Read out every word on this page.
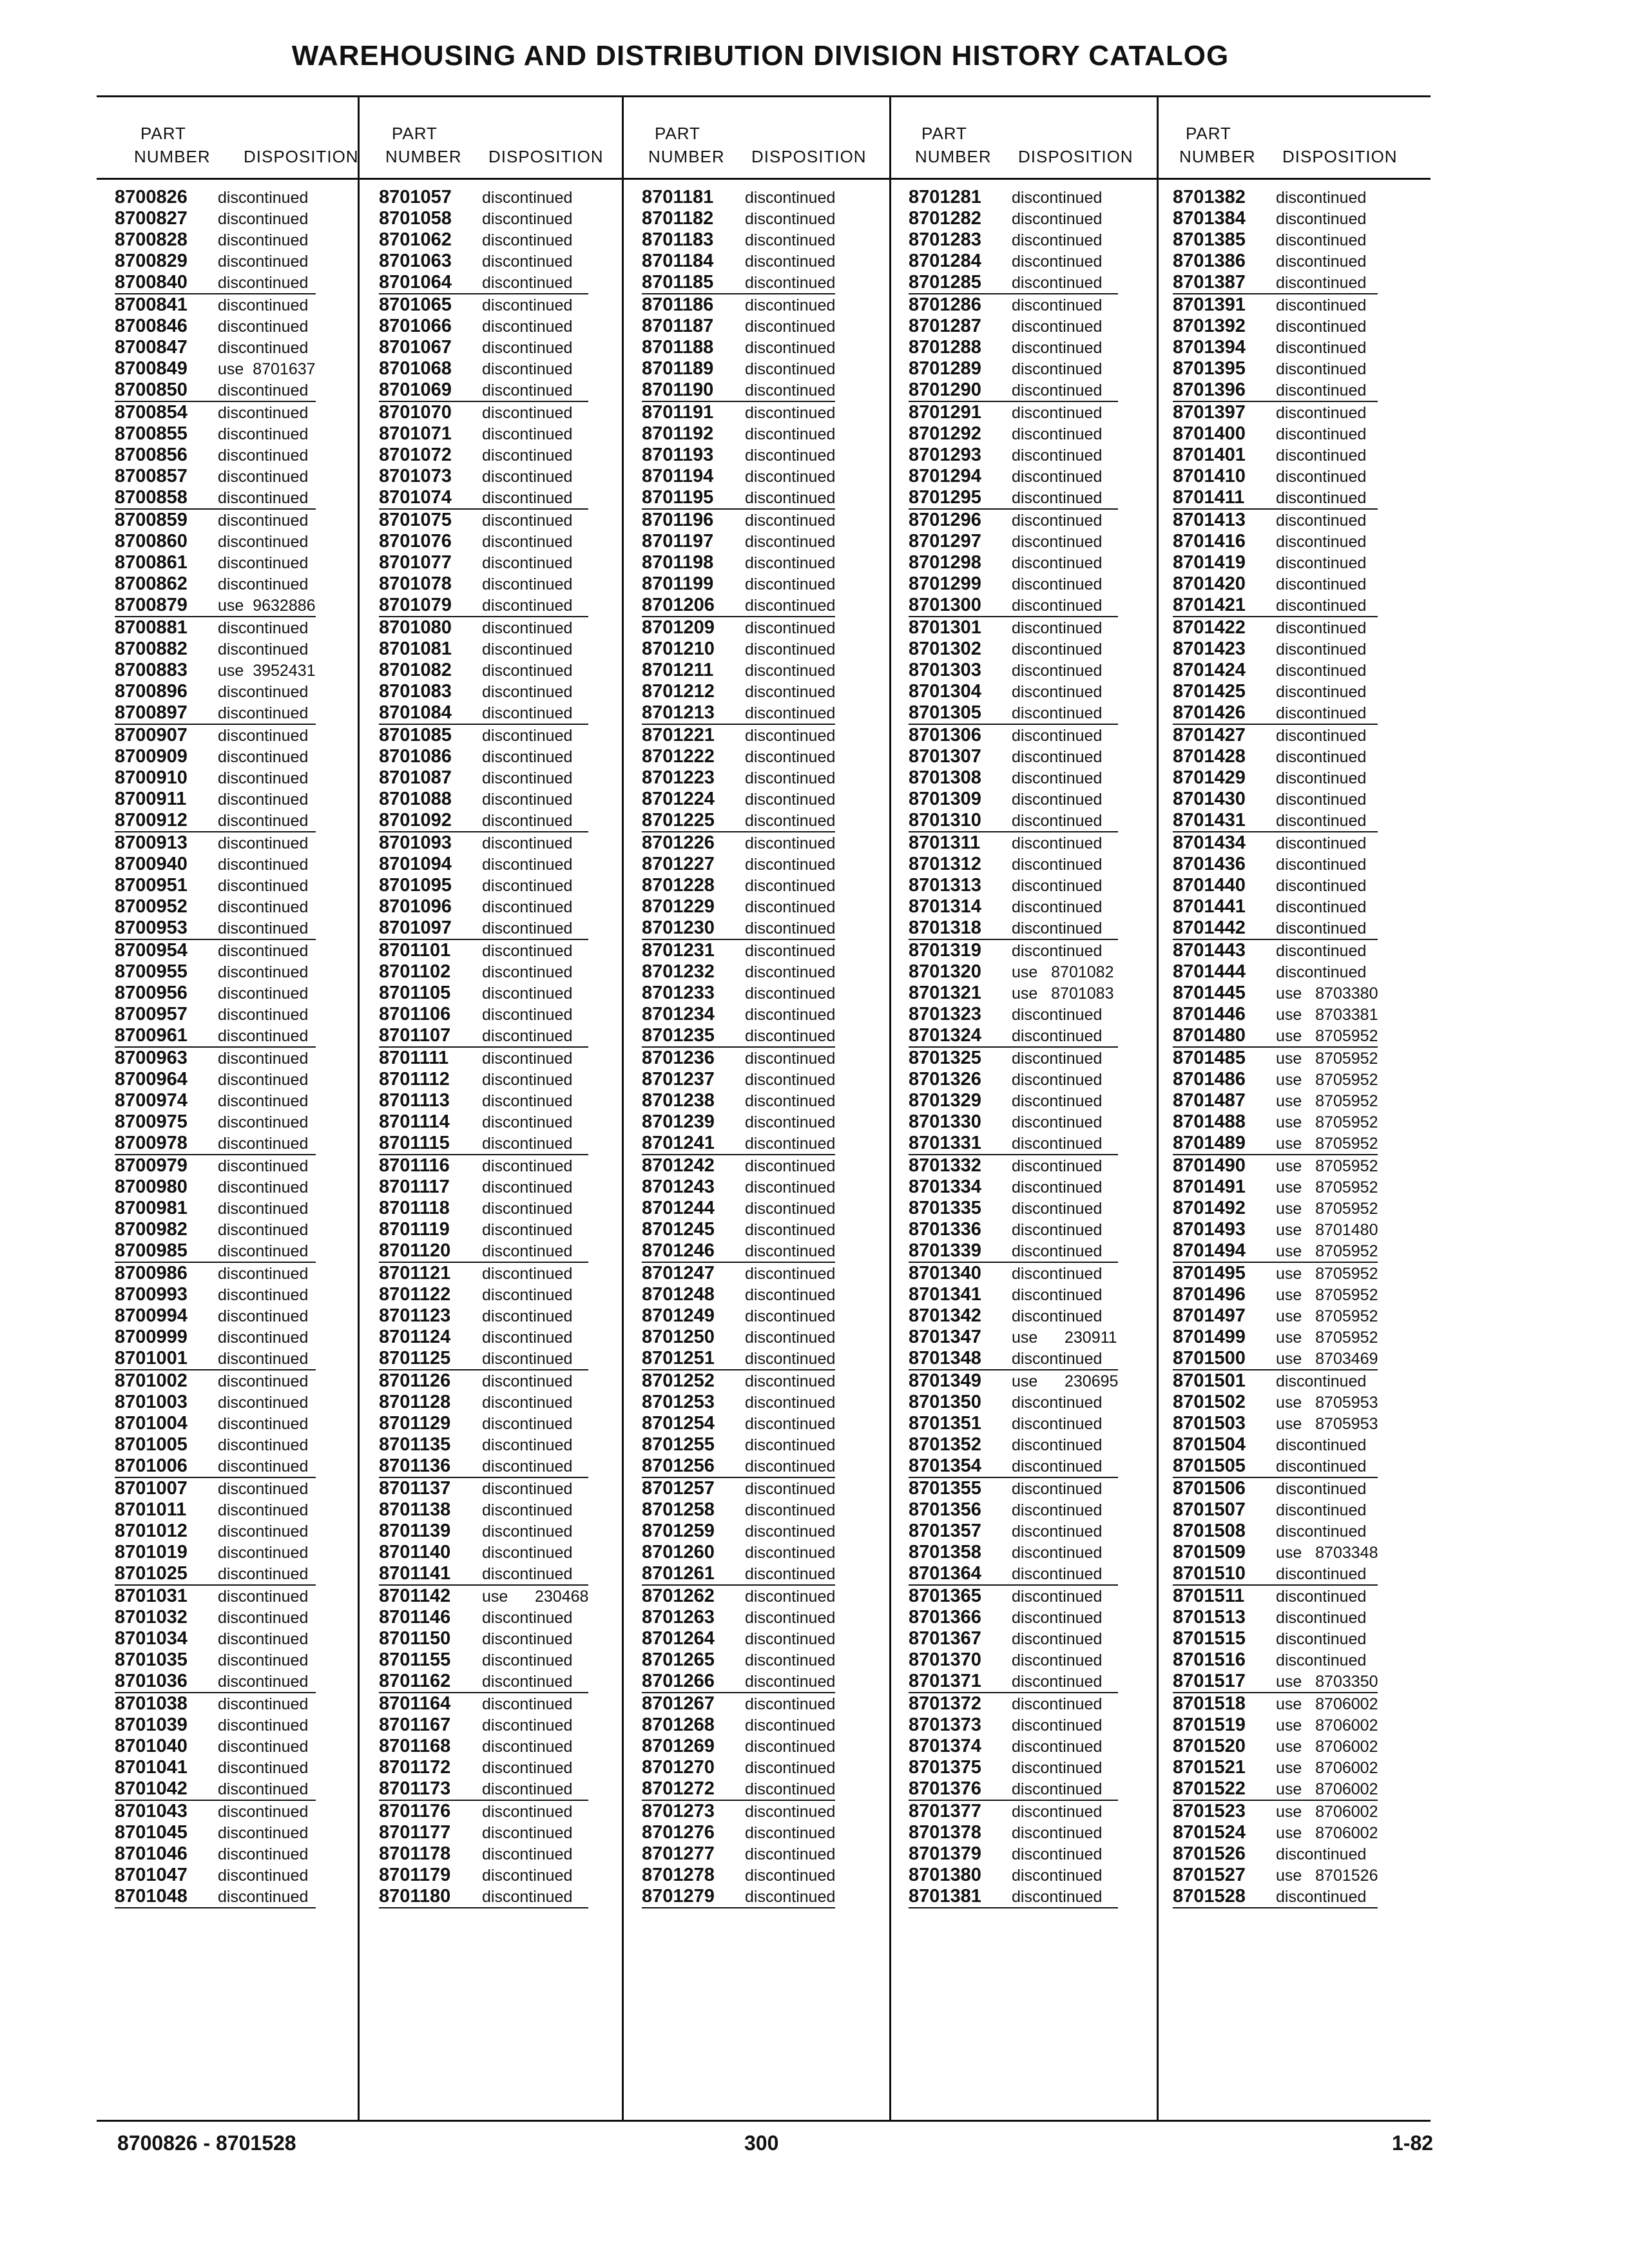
WAREHOUSING AND DISTRIBUTION DIVISION HISTORY CATALOG
PART
NUMBER DISPOSITION
8700826 discontinued
8700827 discontinued
8700828 discontinued
8700829 discontinued
8700840 discontinued
8700841 discontinued
8700846 discontinued
8700847 discontinued
8700849 use  8701637
8700850 discontinued
8700854 discontinued
8700855 discontinued
8700856 discontinued
8700857 discontinued
8700858 discontinued
8700859 discontinued
8700860 discontinued
8700861 discontinued
8700862 discontinued
8700879 use  9632886
8700881 discontinued
8700882 discontinued
8700883 use  3952431
8700896 discontinued
8700897 discontinued
8700907 discontinued
8700909 discontinued
8700910 discontinued
8700911 discontinued
8700912 discontinued
8700913 discontinued
8700940 discontinued
8700951 discontinued
8700952 discontinued
8700953 discontinued
8700954 discontinued
8700955 discontinued
8700956 discontinued
8700957 discontinued
8700961 discontinued
8700963 discontinued
8700964 discontinued
8700974 discontinued
8700975 discontinued
8700978 discontinued
8700979 discontinued
8700980 discontinued
8700981 discontinued
8700982 discontinued
8700985 discontinued
8700986 discontinued
8700993 discontinued
8700994 discontinued
8700999 discontinued
8701001 discontinued
8701002 discontinued
8701003 discontinued
8701004 discontinued
8701005 discontinued
8701006 discontinued
8701007 discontinued
8701011 discontinued
8701012 discontinued
8701019 discontinued
8701025 discontinued
8701031 discontinued
8701032 discontinued
8701034 discontinued
8701035 discontinued
8701036 discontinued
8701038 discontinued
8701039 discontinued
8701040 discontinued
8701041 discontinued
8701042 discontinued
8701043 discontinued
8701045 discontinued
8701046 discontinued
8701047 discontinued
8701048 discontinued
PART
NUMBER DISPOSITION
8701057 discontinued
8701058 discontinued
8701062 discontinued
8701063 discontinued
8701064 discontinued
8701065 discontinued
8701066 discontinued
8701067 discontinued
8701068 discontinued
8701069 discontinued
8701070 discontinued
8701071 discontinued
8701072 discontinued
8701073 discontinued
8701074 discontinued
8701075 discontinued
8701076 discontinued
8701077 discontinued
8701078 discontinued
8701079 discontinued
8701080 discontinued
8701081 discontinued
8701082 discontinued
8701083 discontinued
8701084 discontinued
8701085 discontinued
8701086 discontinued
8701087 discontinued
8701088 discontinued
8701092 discontinued
8701093 discontinued
8701094 discontinued
8701095 discontinued
8701096 discontinued
8701097 discontinued
8701101 discontinued
8701102 discontinued
8701105 discontinued
8701106 discontinued
8701107 discontinued
8701111 discontinued
8701112 discontinued
8701113 discontinued
8701114 discontinued
8701115 discontinued
8701116 discontinued
8701117 discontinued
8701118 discontinued
8701119 discontinued
8701120 discontinued
8701121 discontinued
8701122 discontinued
8701123 discontinued
8701124 discontinued
8701125 discontinued
8701126 discontinued
8701128 discontinued
8701129 discontinued
8701135 discontinued
8701136 discontinued
8701137 discontinued
8701138 discontinued
8701139 discontinued
8701140 discontinued
8701141 discontinued
8701142 use      230468
8701146 discontinued
8701150 discontinued
8701155 discontinued
8701162 discontinued
8701164 discontinued
8701167 discontinued
8701168 discontinued
8701172 discontinued
8701173 discontinued
8701176 discontinued
8701177 discontinued
8701178 discontinued
8701179 discontinued
8701180 discontinued
PART
NUMBER DISPOSITION
8701181 discontinued
8701182 discontinued
8701183 discontinued
8701184 discontinued
8701185 discontinued
8701186 discontinued
8701187 discontinued
8701188 discontinued
8701189 discontinued
8701190 discontinued
8701191 discontinued
8701192 discontinued
8701193 discontinued
8701194 discontinued
8701195 discontinued
8701196 discontinued
8701197 discontinued
8701198 discontinued
8701199 discontinued
8701206 discontinued
8701209 discontinued
8701210 discontinued
8701211 discontinued
8701212 discontinued
8701213 discontinued
8701221 discontinued
8701222 discontinued
8701223 discontinued
8701224 discontinued
8701225 discontinued
8701226 discontinued
8701227 discontinued
8701228 discontinued
8701229 discontinued
8701230 discontinued
8701231 discontinued
8701232 discontinued
8701233 discontinued
8701234 discontinued
8701235 discontinued
8701236 discontinued
8701237 discontinued
8701238 discontinued
8701239 discontinued
8701241 discontinued
8701242 discontinued
8701243 discontinued
8701244 discontinued
8701245 discontinued
8701246 discontinued
8701247 discontinued
8701248 discontinued
8701249 discontinued
8701250 discontinued
8701251 discontinued
8701252 discontinued
8701253 discontinued
8701254 discontinued
8701255 discontinued
8701256 discontinued
8701257 discontinued
8701258 discontinued
8701259 discontinued
8701260 discontinued
8701261 discontinued
8701262 discontinued
8701263 discontinued
8701264 discontinued
8701265 discontinued
8701266 discontinued
8701267 discontinued
8701268 discontinued
8701269 discontinued
8701270 discontinued
8701272 discontinued
8701273 discontinued
8701276 discontinued
8701277 discontinued
8701278 discontinued
8701279 discontinued
PART
NUMBER DISPOSITION
8701281 discontinued
8701282 discontinued
8701283 discontinued
8701284 discontinued
8701285 discontinued
8701286 discontinued
8701287 discontinued
8701288 discontinued
8701289 discontinued
8701290 discontinued
8701291 discontinued
8701292 discontinued
8701293 discontinued
8701294 discontinued
8701295 discontinued
8701296 discontinued
8701297 discontinued
8701298 discontinued
8701299 discontinued
8701300 discontinued
8701301 discontinued
8701302 discontinued
8701303 discontinued
8701304 discontinued
8701305 discontinued
8701306 discontinued
8701307 discontinued
8701308 discontinued
8701309 discontinued
8701310 discontinued
8701311 discontinued
8701312 discontinued
8701313 discontinued
8701314 discontinued
8701318 discontinued
8701319 discontinued
8701320 use   8701082
8701321 use   8701083
8701323 discontinued
8701324 discontinued
8701325 discontinued
8701326 discontinued
8701329 discontinued
8701330 discontinued
8701331 discontinued
8701332 discontinued
8701334 discontinued
8701335 discontinued
8701336 discontinued
8701339 discontinued
8701340 discontinued
8701341 discontinued
8701342 discontinued
8701347 use      230911
8701348 discontinued
8701349 use      230695
8701350 discontinued
8701351 discontinued
8701352 discontinued
8701354 discontinued
8701355 discontinued
8701356 discontinued
8701357 discontinued
8701358 discontinued
8701364 discontinued
8701365 discontinued
8701366 discontinued
8701367 discontinued
8701370 discontinued
8701371 discontinued
8701372 discontinued
8701373 discontinued
8701374 discontinued
8701375 discontinued
8701376 discontinued
8701377 discontinued
8701378 discontinued
8701379 discontinued
8701380 discontinued
8701381 discontinued
PART
NUMBER DISPOSITION
8701382 discontinued
8701384 discontinued
8701385 discontinued
8701386 discontinued
8701387 discontinued
8701391 discontinued
8701392 discontinued
8701394 discontinued
8701395 discontinued
8701396 discontinued
8701397 discontinued
8701400 discontinued
8701401 discontinued
8701410 discontinued
8701411 discontinued
8701413 discontinued
8701416 discontinued
8701419 discontinued
8701420 discontinued
8701421 discontinued
8701422 discontinued
8701423 discontinued
8701424 discontinued
8701425 discontinued
8701426 discontinued
8701427 discontinued
8701428 discontinued
8701429 discontinued
8701430 discontinued
8701431 discontinued
8701434 discontinued
8701436 discontinued
8701440 discontinued
8701441 discontinued
8701442 discontinued
8701443 discontinued
8701444 discontinued
8701445 use   8703380
8701446 use   8703381
8701480 use   8705952
8701485 use   8705952
8701486 use   8705952
8701487 use   8705952
8701488 use   8705952
8701489 use   8705952
8701490 use   8705952
8701491 use   8705952
8701492 use   8705952
8701493 use   8701480
8701494 use   8705952
8701495 use   8705952
8701496 use   8705952
8701497 use   8705952
8701499 use   8705952
8701500 use   8703469
8701501 discontinued
8701502 use   8705953
8701503 use   8705953
8701504 discontinued
8701505 discontinued
8701506 discontinued
8701507 discontinued
8701508 discontinued
8701509 use   8703348
8701510 discontinued
8701511 discontinued
8701513 discontinued
8701515 discontinued
8701516 discontinued
8701517 use   8703350
8701518 use   8706002
8701519 use   8706002
8701520 use   8706002
8701521 use   8706002
8701522 use   8706002
8701523 use   8706002
8701524 use   8706002
8701526 discontinued
8701527 use   8701526
8701528 discontinued
8700826 - 8701528	300	1-82
